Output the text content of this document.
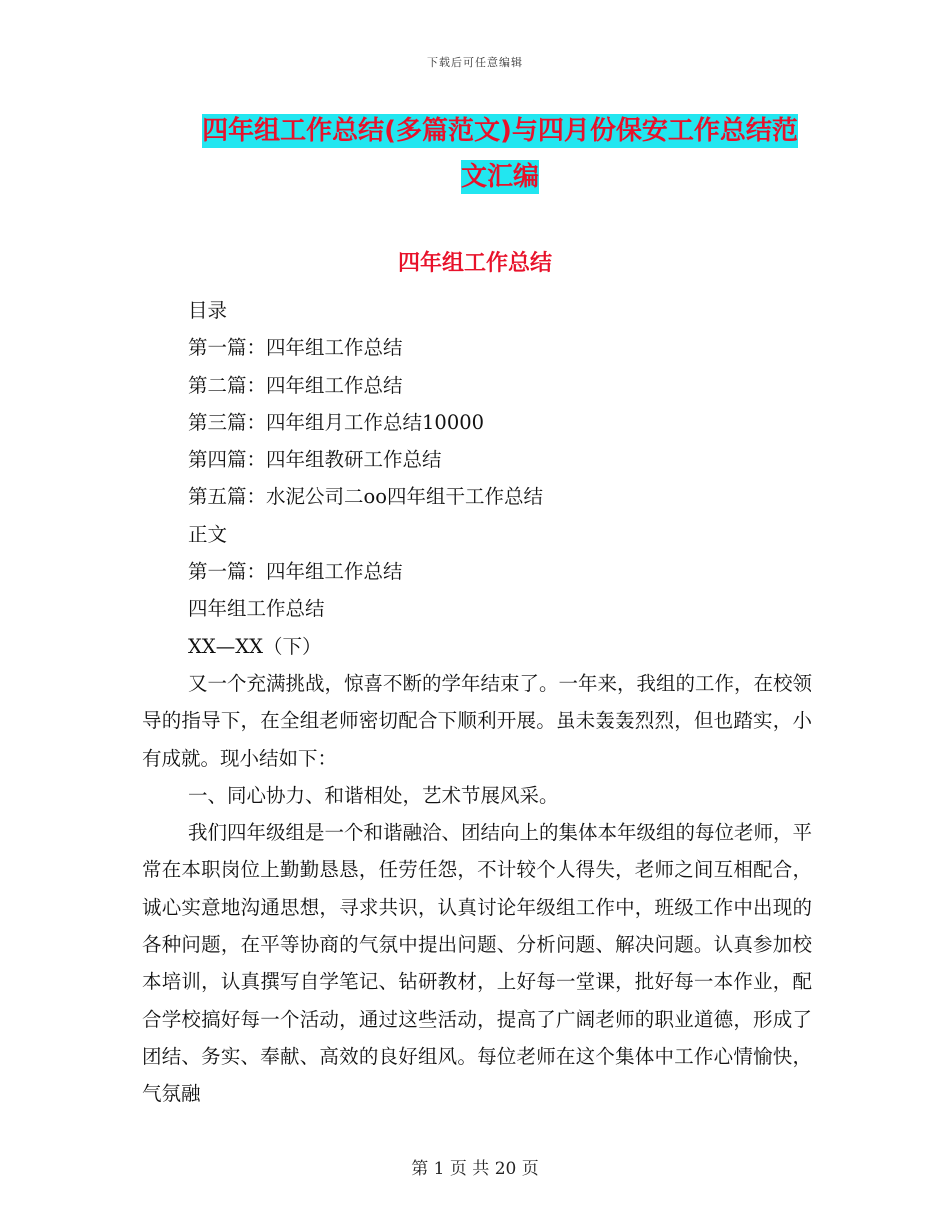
下载后可任意编辑
四年组工作总结(多篇范文)与四月份保安工作总结范
文汇编
四年组工作总结
目录
第一篇：四年组工作总结
第二篇：四年组工作总结
第三篇：四年组月工作总结10000
第四篇：四年组教研工作总结
第五篇：水泥公司二oo四年组干工作总结
正文
第一篇：四年组工作总结
四年组工作总结
XX—XX（下）
又一个充满挑战，惊喜不断的学年结束了。一年来，我组的工作，在校领导的指导下，在全组老师密切配合下顺利开展。虽未轰轰烈烈，但也踏实，小有成就。现小结如下：
一、同心协力、和谐相处，艺术节展风采。
我们四年级组是一个和谐融洽、团结向上的集体本年级组的每位老师，平常在本职岗位上勤勤恳恳，任劳任怨，不计较个人得失，老师之间互相配合，诚心实意地沟通思想，寻求共识，认真讨论年级组工作中，班级工作中出现的各种问题，在平等协商的气氛中提出问题、分析问题、解决问题。认真参加校本培训，认真撰写自学笔记、钻研教材，上好每一堂课，批好每一本作业，配合学校搞好每一个活动，通过这些活动，提高了广阔老师的职业道德，形成了团结、务实、奉献、高效的良好组风。每位老师在这个集体中工作心情愉快，气氛融
第 1 页 共 20 页
